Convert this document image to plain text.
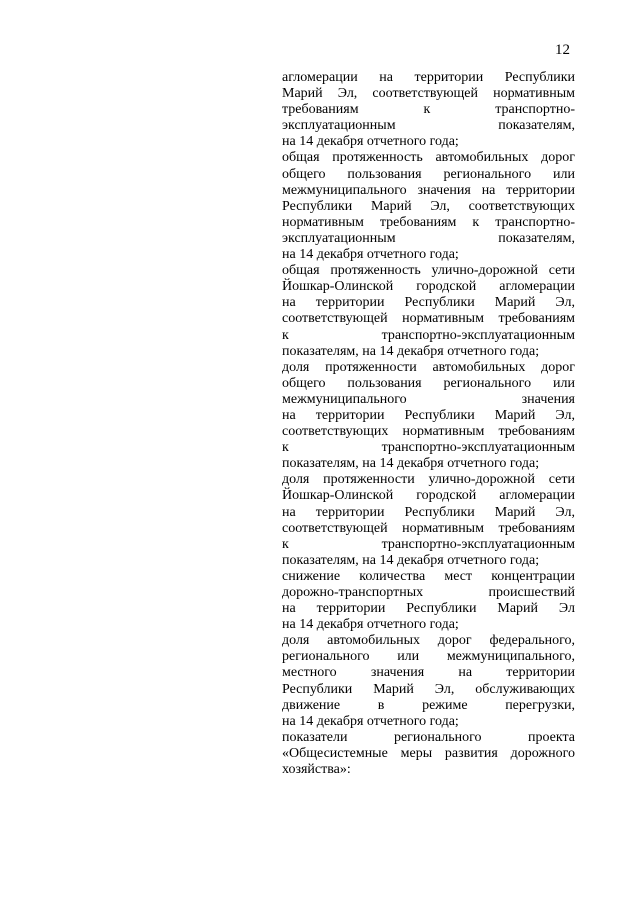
12
агломерации на территории Республики
Марий Эл, соответствующей нормативным
требованиям	к	транспортно-
эксплуатационным	показателям,
на 14 декабря отчетного года;
общая протяженность автомобильных дорог
общего пользования регионального или
межмуниципального значения на территории
Республики Марий Эл, соответствующих
нормативным требованиям к транспортно-
эксплуатационным	показателям,
на 14 декабря отчетного года;
общая протяженность улично-дорожной сети
Йошкар-Олинской городской агломерации
на территории Республики Марий Эл,
соответствующей нормативным требованиям
к	транспортно-эксплуатационным
показателям, на 14 декабря отчетного года;
доля протяженности автомобильных дорог
общего пользования регионального или
межмуниципального	значения
на территории Республики Марий Эл,
соответствующих нормативным требованиям
к	транспортно-эксплуатационным
показателям, на 14 декабря отчетного года;
доля протяженности улично-дорожной сети
Йошкар-Олинской городской агломерации
на территории Республики Марий Эл,
соответствующей нормативным требованиям
к	транспортно-эксплуатационным
показателям, на 14 декабря отчетного года;
снижение количества мест концентрации
дорожно-транспортных	происшествий
на территории Республики Марий Эл
на 14 декабря отчетного года;
доля автомобильных дорог федерального,
регионального или межмуниципального,
местного значения на территории
Республики Марий Эл, обслуживающих
движение	в	режиме	перегрузки,
на 14 декабря отчетного года;
показатели	регионального	проекта
«Общесистемные меры развития дорожного
хозяйства»:
